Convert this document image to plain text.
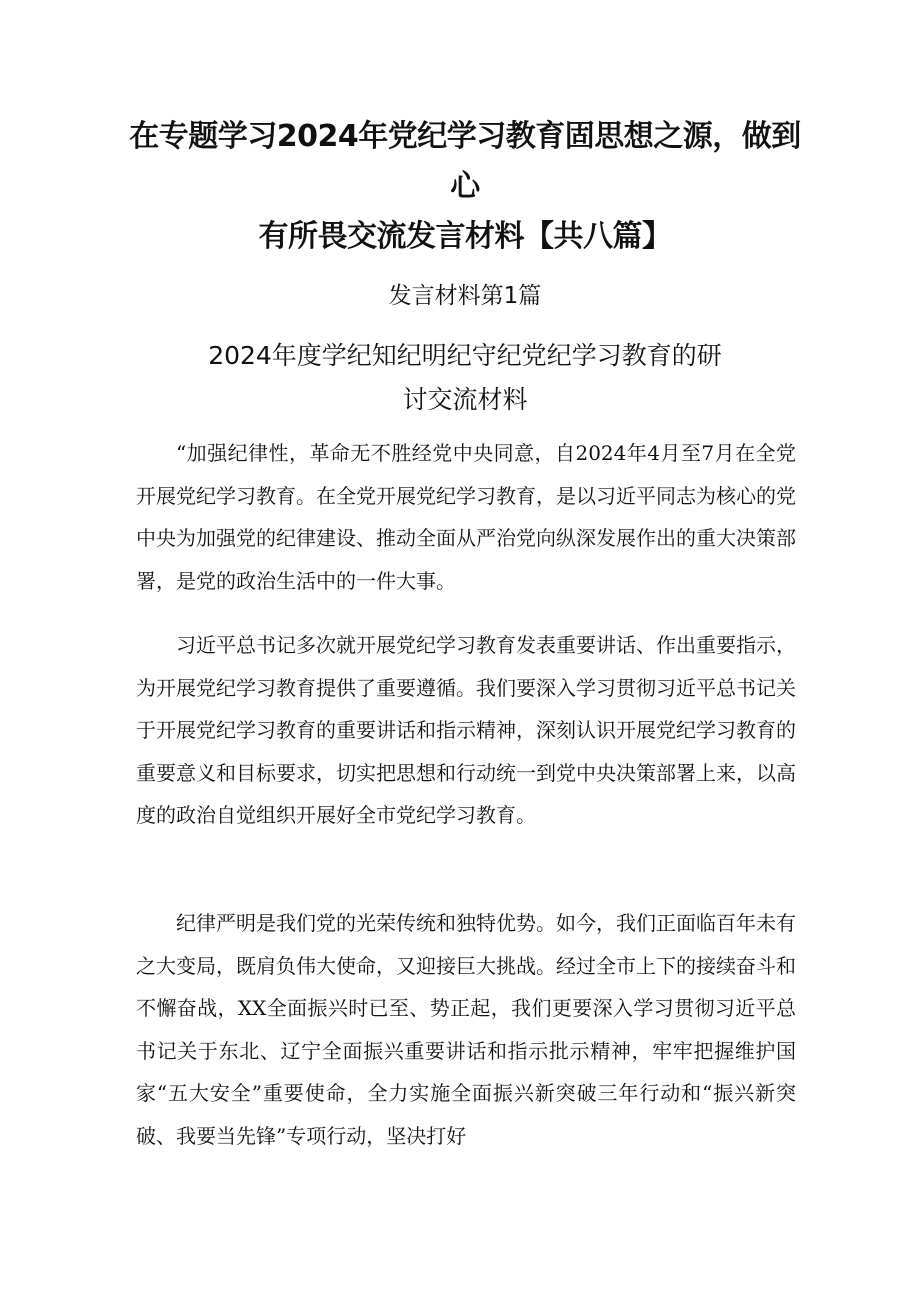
在专题学习2024年党纪学习教育固思想之源，做到心
有所畏交流发言材料【共八篇】
发言材料第1篇
2024年度学纪知纪明纪守纪党纪学习教育的研
讨交流材料

“加强纪律性，革命无不胜经党中央同意，自2024年4月至7月在全党开展党纪学习教育。在全党开展党纪学习教育，是以习近平同志为核心的党中央为加强党的纪律建设、推动全面从严治党向纵深发展作出的重大决策部署，是党的政治生活中的一件大事。

习近平总书记多次就开展党纪学习教育发表重要讲话、作出重要指示，为开展党纪学习教育提供了重要遵循。我们要深入学习贯彻习近平总书记关于开展党纪学习教育的重要讲话和指示精神，深刻认识开展党纪学习教育的重要意义和目标要求，切实把思想和行动统一到党中央决策部署上来，以高度的政治自觉组织开展好全市党纪学习教育。

纪律严明是我们党的光荣传统和独特优势。如今，我们正面临百年未有之大变局，既肩负伟大使命，又迎接巨大挑战。经过全市上下的接续奋斗和不懈奋战，XX全面振兴时已至、势正起，我们更要深入学习贯彻习近平总书记关于东北、辽宁全面振兴重要讲话和指示批示精神，牢牢把握维护国家“五大安全”重要使命，全力实施全面振兴新突破三年行动和“振兴新突破、我要当先锋”专项行动，坚决打好
